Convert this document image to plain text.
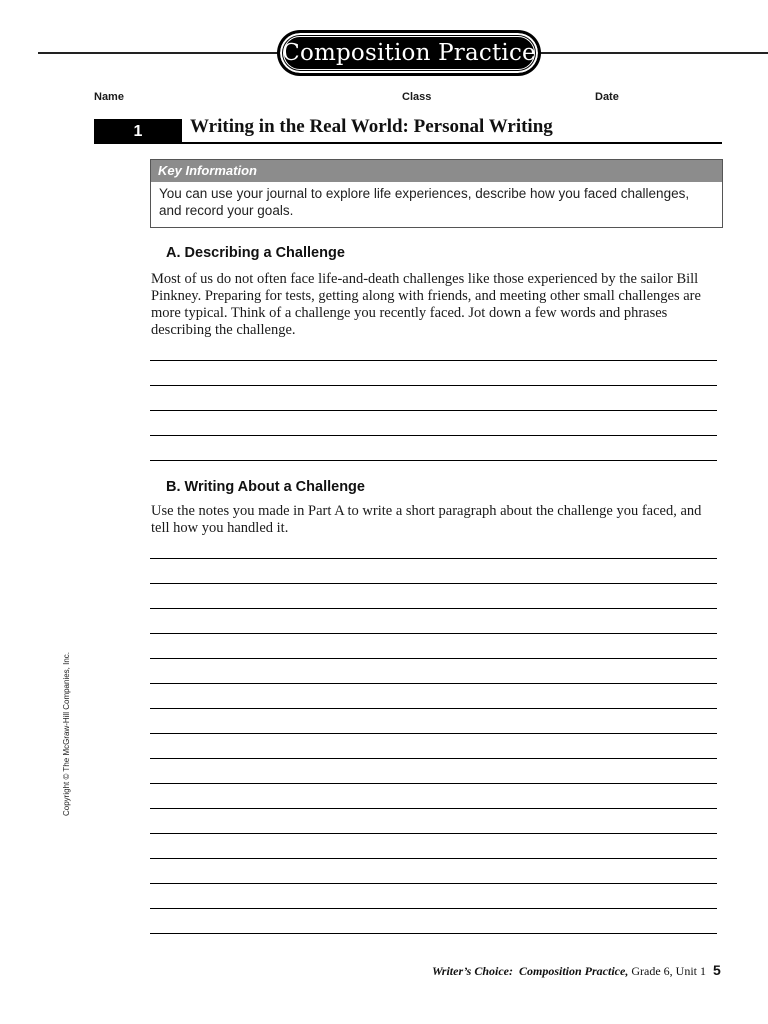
Composition Practice
Name	Class	Date
1	Writing in the Real World: Personal Writing
Key Information
You can use your journal to explore life experiences, describe how you faced challenges, and record your goals.
A. Describing a Challenge
Most of us do not often face life-and-death challenges like those experienced by the sailor Bill Pinkney. Preparing for tests, getting along with friends, and meeting other small challenges are more typical. Think of a challenge you recently faced. Jot down a few words and phrases describing the challenge.
B. Writing About a Challenge
Use the notes you made in Part A to write a short paragraph about the challenge you faced, and tell how you handled it.
Copyright © The McGraw-Hill Companies, Inc.
Writer’s Choice: Composition Practice, Grade 6, Unit 1 5
